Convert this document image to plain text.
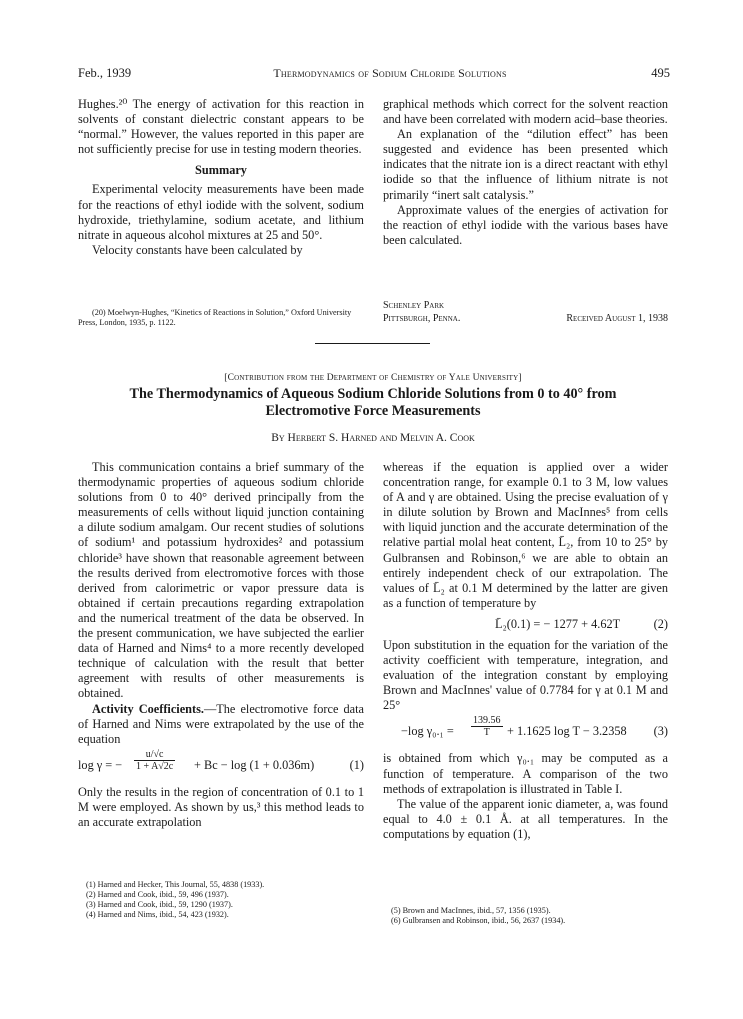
Feb., 1939	Thermodynamics of Sodium Chloride Solutions	495

Hughes.²⁰ The energy of activation for this reaction in solvents of constant dielectric constant appears to be “normal.” However, the values reported in this paper are not sufficiently precise for use in testing modern theories.

Summary

Experimental velocity measurements have been made for the reactions of ethyl iodide with the solvent, sodium hydroxide, triethylamine, sodium acetate, and lithium nitrate in aqueous alcohol mixtures at 25 and 50°.

Velocity constants have been calculated by

(20) Moelwyn-Hughes, “Kinetics of Reactions in Solution,” Oxford University Press, London, 1935, p. 1122.

graphical methods which correct for the solvent reaction and have been correlated with modern acid–base theories.

An explanation of the “dilution effect” has been suggested and evidence has been presented which indicates that the nitrate ion is a direct reactant with ethyl iodide so that the influence of lithium nitrate is not primarily “inert salt catalysis.”

Approximate values of the energies of activation for the reaction of ethyl iodide with the various bases have been calculated.

Schenley Park
Pittsburgh, Penna.	Received August 1, 1938
[Contribution from the Department of Chemistry of Yale University]
The Thermodynamics of Aqueous Sodium Chloride Solutions from 0 to 40° from
Electromotive Force Measurements
By Herbert S. Harned and Melvin A. Cook

This communication contains a brief summary of the thermodynamic properties of aqueous sodium chloride solutions from 0 to 40° derived principally from the measurements of cells without liquid junction containing a dilute sodium amalgam. Our recent studies of solutions of sodium¹ and potassium hydroxides² and potassium chloride³ have shown that reasonable agreement between the results derived from electromotive forces with those derived from calorimetric or vapor pressure data is obtained if certain precautions regarding extrapolation and the numerical treatment of the data be observed. In the present communication, we have subjected the earlier data of Harned and Nims⁴ to a more recently developed technique of calculation with the result that better agreement with results of other measurements is obtained.

Activity Coefficients.—The electromotive force data of Harned and Nims were extrapolated by the use of the equation

log γ = − $\frac{u/√c}{1 + A√2c} + Bc - \log (1 + 0.036m)$	(1)

Only the results in the region of concentration of 0.1 to 1 M were employed. As shown by us,³ this method leads to an accurate extrapolation

(1) Harned and Hecker, This Journal, 55, 4838 (1933).

(2) Harned and Cook, ibid., 59, 496 (1937).

(3) Harned and Cook, ibid., 59, 1290 (1937).

(4) Harned and Nims, ibid., 54, 423 (1932).

whereas if the equation is applied over a wider concentration range, for example 0.1 to 3 M, low values of A and γ are obtained. Using the precise evaluation of γ in dilute solution by Brown and MacInnes⁵ from cells with liquid junction and the accurate determination of the relative partial molal heat content, L̄₂, from 10 to 25° by Gulbransen and Robinson,⁶ we are able to obtain an entirely independent check of our extrapolation. The values of L̄₂ at 0.1 M determined by the latter are given as a function of temperature by

L̄₂(0.1) = − 1277 + 4.62T	(2)

Upon substitution in the equation for the variation of the activity coefficient with temperature, integration, and evaluation of the integration constant by employing Brown and MacInnes' value of 0.7784 for γ at 0.1 M and 25°

−log $\gamma_0._1 = \frac{139.56}{T} + 1.1625$ log T − 3.2358 (3)

is obtained from which γ₀.₁ may be computed as a function of temperature. A comparison of the two methods of extrapolation is illustrated in Table I.

The value of the apparent ionic diameter, a, was found equal to 4.0 ± 0.1 Å. at all temperatures. In the computations by equation (1),

(5) Brown and MacInnes, ibid., 57, 1356 (1935).

(6) Gulbransen and Robinson, ibid., 56, 2637 (1934).
